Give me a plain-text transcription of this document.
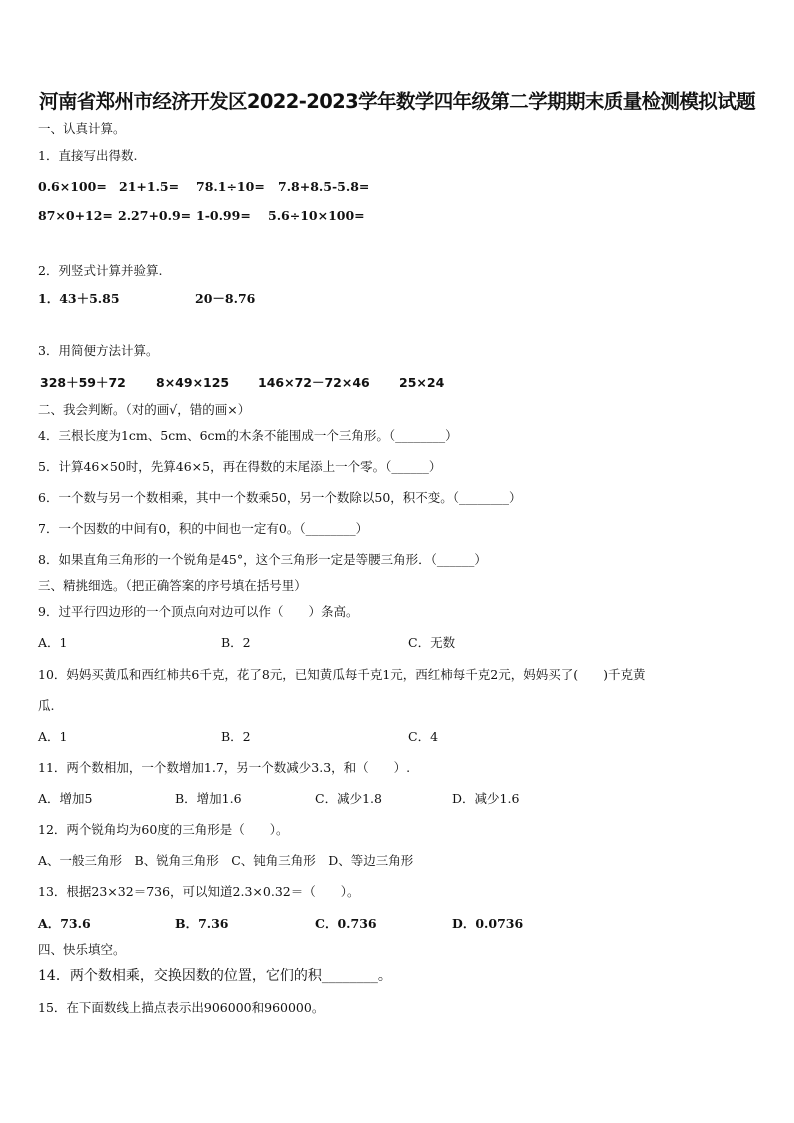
河南省郑州市经济开发区2022-2023学年数学四年级第二学期期末质量检测模拟试题
一、认真计算。
1．直接写出得数.
0.6×100= 21+1.5= 78.1÷10= 7.8+8.5-5.8=
87×0+12= 2.27+0.9= 1-0.99= 5.6÷10×100=
2．列竖式计算并验算.
1．43＋5.85	20－8.76
3．用简便方法计算。
328＋59＋72 8×49×125 146×72－72×46 25×24
二、我会判断。（对的画√，错的画×）
4．三根长度为1cm、5cm、6cm的木条不能围成一个三角形。（________）
5．计算46×50时，先算46×5，再在得数的末尾添上一个零。（______）
6．一个数与另一个数相乘，其中一个数乘50，另一个数除以50，积不变。（________）
7．一个因数的中间有0，积的中间也一定有0。（________）
8．如果直角三角形的一个锐角是45°，这个三角形一定是等腰三角形．（______）
三、精挑细选。（把正确答案的序号填在括号里）
9．过平行四边形的一个顶点向对边可以作（　　）条高。
A．1	B．2	C．无数
10．妈妈买黄瓜和西红柿共6千克，花了8元，已知黄瓜每千克1元，西红柿每千克2元，妈妈买了(　　)千克黄
瓜.
A．1	B．2	C．4
11．两个数相加，一个数增加1.7，另一个数减少3.3，和（　　）.
A．增加5	B．增加1.6	C．减少1.8	D．减少1.6
12．两个锐角均为60度的三角形是（　　）。
A、一般三角形　B、锐角三角形　C、钝角三角形　D、等边三角形
13．根据23×32＝736，可以知道2.3×0.32＝（　　）。
A．73.6	B．7.36	C．0.736	D．0.0736
四、快乐填空。
14．两个数相乘，交换因数的位置，它们的积________。
15．在下面数线上描点表示出906000和960000。
